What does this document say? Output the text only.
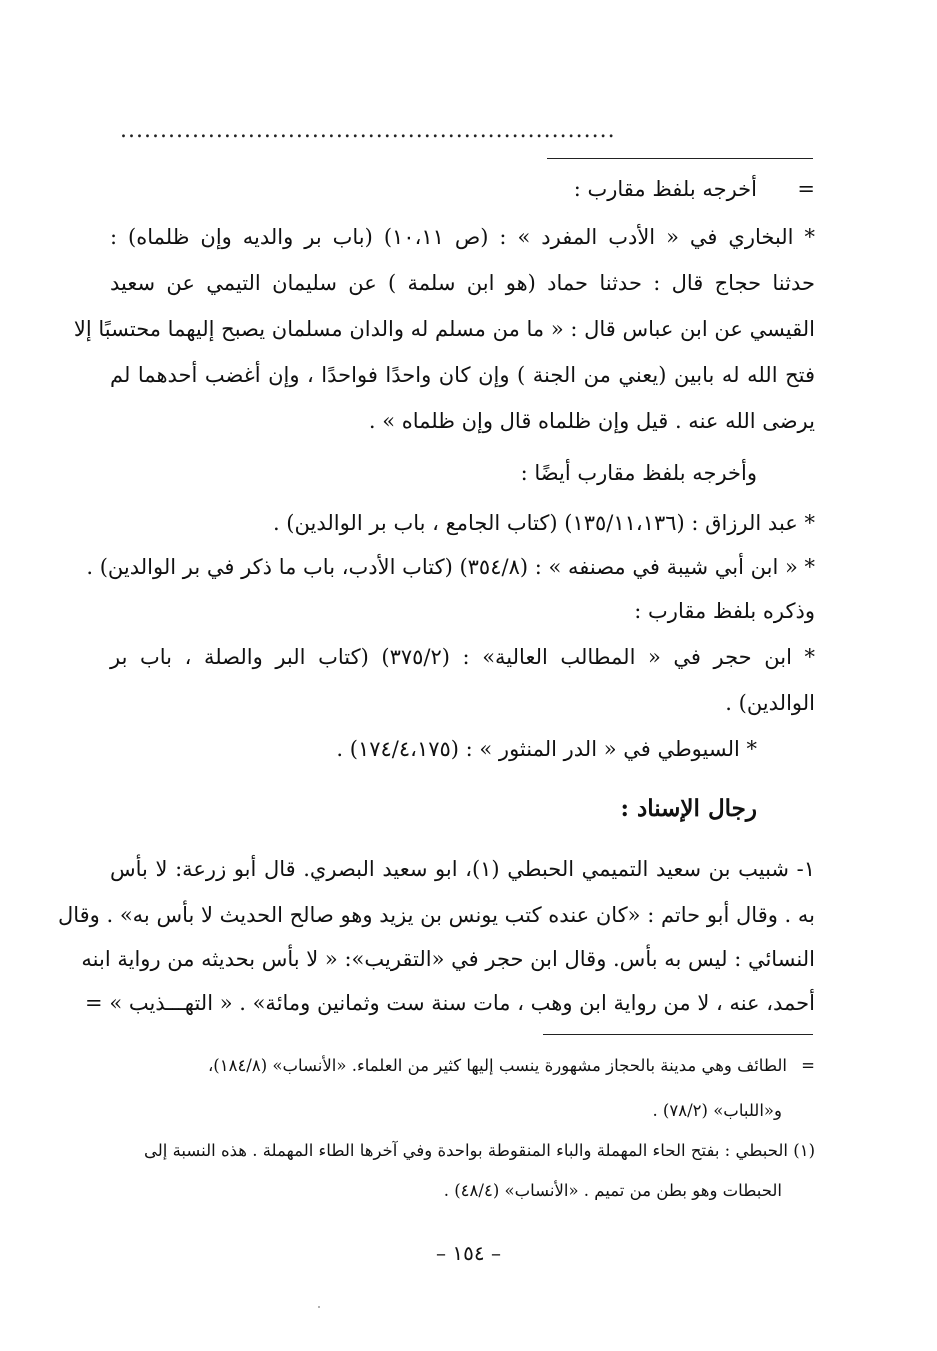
..............................................................
=
أخرجه بلفظ مقارب :
* البخاري في « الأدب المفرد » : (ص ١٠،١١) (باب بر والديه وإن ظلماه) :
حدثنا حجاج قال : حدثنا حماد (هو ابن سلمة ) عن سليمان التيمي عن سعيد
القيسي عن ابن عباس قال : « ما من مسلم له والدان مسلمان يصبح إليهما محتسبًا إلا
فتح الله له بابين (يعني من الجنة ) وإن كان واحدًا فواحدًا ، وإن أغضب أحدهما لم
يرضى الله عنه . قيل وإن ظلماه قال وإن ظلماه » .
وأخرجه بلفظ مقارب أيضًا :
* عبد الرزاق : (١٣٥/١١،١٣٦) (كتاب الجامع ، باب بر الوالدين) .
* « ابن أبي شيبة في مصنفه » : (٣٥٤/٨) (كتاب الأدب، باب ما ذكر في بر الوالدين) .
وذكره بلفظ مقارب :
* ابن حجر في « المطالب العالية» : (٣٧٥/٢) (كتاب البر والصلة ، باب بر
الوالدين) .
* السيوطي في « الدر المنثور » : (١٧٤/٤،١٧٥) .
رجال الإسناد :
١- شبيب بن سعيد التميمي الحبطي (١)، ابو سعيد البصري. قال أبو زرعة: لا بأس
به . وقال أبو حاتم : «كان عنده كتب يونس بن يزيد وهو صالح الحديث لا بأس به» . وقال
النسائي : ليس به بأس. وقال ابن حجر في «التقريب»: « لا بأس بحديثه من رواية ابنه
أحمد، عنه ، لا من رواية ابن وهب ، مات سنة ست وثمانين ومائة» . « التهـــذيب » =
الطائف وهي مدينة بالحجاز مشهورة ينسب إليها كثير من العلماء. «الأنساب» (١٨٤/٨)، =
و«اللباب» (٧٨/٢) .
(١) الحبطي : بفتح الحاء المهملة والباء المنقوطة بواحدة وفي آخرها الطاء المهملة . هذه النسبة إلى
الحبطات وهو بطن من تميم . «الأنساب» (٤٨/٤) .
– ١٥٤ –
